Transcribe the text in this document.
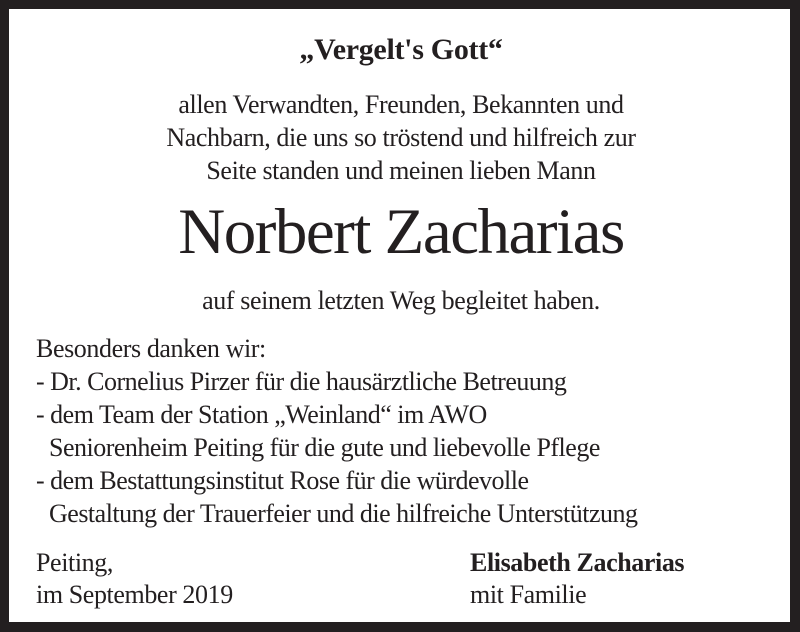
„Vergelt's Gott“
allen Verwandten, Freunden, Bekannten und
Nachbarn, die uns so tröstend und hilfreich zur
Seite standen und meinen lieben Mann
Norbert Zacharias
auf seinem letzten Weg begleitet haben.
Besonders danken wir:
- Dr. Cornelius Pirzer für die hausärztliche Betreuung
- dem Team der Station „Weinland“ im AWO
Seniorenheim Peiting für die gute und liebevolle Pflege
- dem Bestattungsinstitut Rose für die würdevolle
Gestaltung der Trauerfeier und die hilfreiche Unterstützung
Peiting,
im September 2019
Elisabeth Zacharias
mit Familie
